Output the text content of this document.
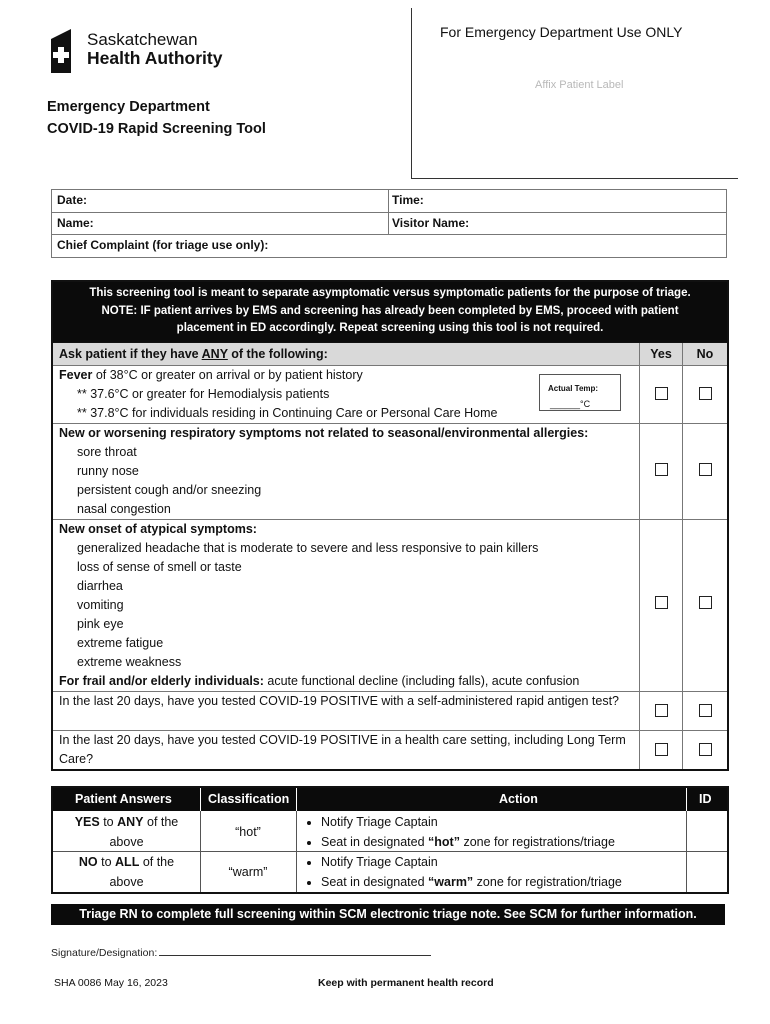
Saskatchewan
Health Authority
Emergency Department
COVID-19 Rapid Screening Tool
For Emergency Department Use ONLY
Affix Patient Label
Date:	Time:
Name:	Visitor Name:
Chief Complaint (for triage use only):
This screening tool is meant to separate asymptomatic versus symptomatic patients for the purpose of triage.
NOTE: IF patient arrives by EMS and screening has already been completed by EMS, proceed with patient
placement in ED accordingly. Repeat screening using this tool is not required.
Ask patient if they have ANY of the following:	Yes	No
Fever of 38°C or greater on arrival or by patient history
** 37.6°C or greater for Hemodialysis patients
** 37.8°C for individuals residing in Continuing Care or Personal Care Home
Actual Temp:
______°C
New or worsening respiratory symptoms not related to seasonal/environmental allergies:
sore throat
runny nose
persistent cough and/or sneezing
nasal congestion
New onset of atypical symptoms:
generalized headache that is moderate to severe and less responsive to pain killers
loss of sense of smell or taste
diarrhea
vomiting
pink eye
extreme fatigue
extreme weakness
For frail and/or elderly individuals: acute functional decline (including falls), acute confusion
In the last 20 days, have you tested COVID-19 POSITIVE with a self-administered rapid antigen test?
In the last 20 days, have you tested COVID-19 POSITIVE in a health care setting, including Long Term Care?
Patient Answers	Classification	Action	ID
YES to ANY of the
above
“hot”
• Notify Triage Captain
• Seat in designated “hot” zone for registrations/triage
NO to ALL of the
above
“warm”
• Notify Triage Captain
• Seat in designated “warm” zone for registration/triage
Triage RN to complete full screening within SCM electronic triage note. See SCM for further information.
Signature/Designation:
SHA 0086 May 16, 2023	Keep with permanent health record
